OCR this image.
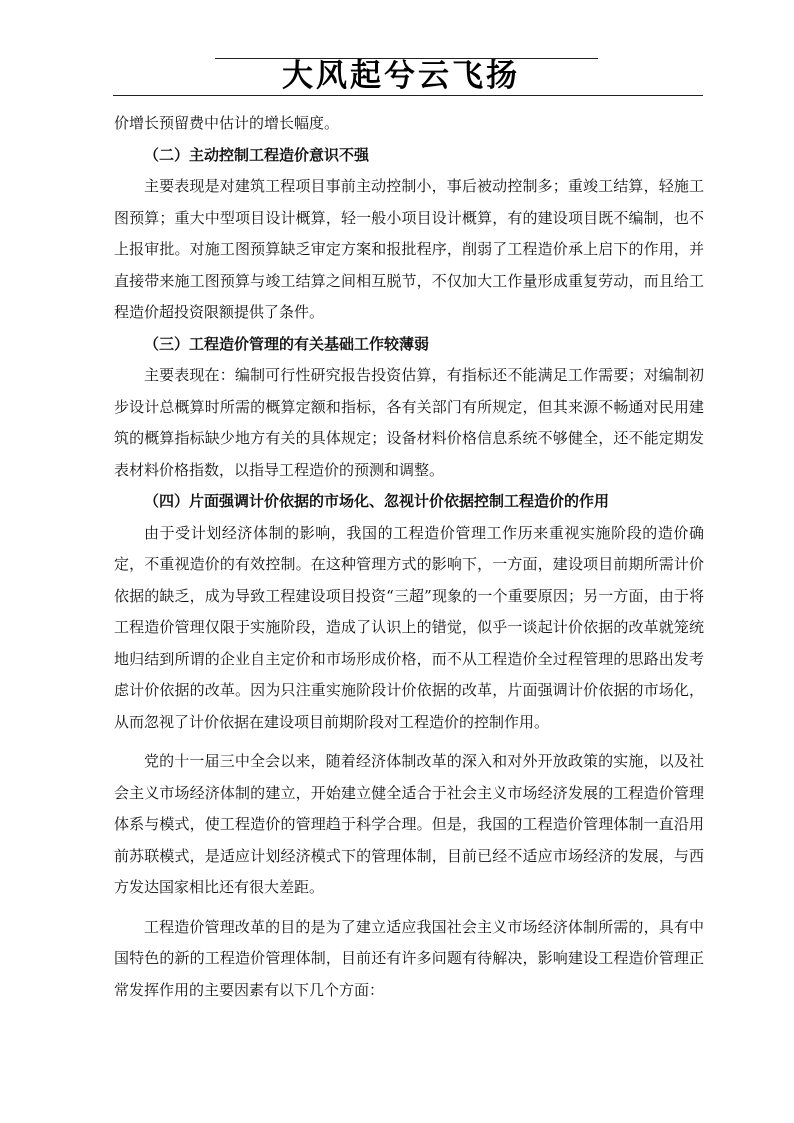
大风起兮云飞扬

价增长预留费中估计的增长幅度。

（二）主动控制工程造价意识不强

主要表现是对建筑工程项目事前主动控制小，事后被动控制多；重竣工结算，轻施工图预算；重大中型项目设计概算，轻一般小项目设计概算，有的建设项目既不编制，也不上报审批。对施工图预算缺乏审定方案和报批程序，削弱了工程造价承上启下的作用，并直接带来施工图预算与竣工结算之间相互脱节，不仅加大工作量形成重复劳动，而且给工程造价超投资限额提供了条件。

（三）工程造价管理的有关基础工作较薄弱

主要表现在：编制可行性研究报告投资估算，有指标还不能满足工作需要；对编制初步设计总概算时所需的概算定额和指标，各有关部门有所规定，但其来源不畅通对民用建筑的概算指标缺少地方有关的具体规定；设备材料价格信息系统不够健全，还不能定期发表材料价格指数，以指导工程造价的预测和调整。

（四）片面强调计价依据的市场化、忽视计价依据控制工程造价的作用

由于受计划经济体制的影响，我国的工程造价管理工作历来重视实施阶段的造价确定，不重视造价的有效控制。在这种管理方式的影响下，一方面，建设项目前期所需计价依据的缺乏，成为导致工程建设项目投资“三超”现象的一个重要原因；另一方面，由于将工程造价管理仅限于实施阶段，造成了认识上的错觉，似乎一谈起计价依据的改革就笼统地归结到所谓的企业自主定价和市场形成价格，而不从工程造价全过程管理的思路出发考虑计价依据的改革。因为只注重实施阶段计价依据的改革，片面强调计价依据的市场化，从而忽视了计价依据在建设项目前期阶段对工程造价的控制作用。

党的十一届三中全会以来，随着经济体制改革的深入和对外开放政策的实施，以及社会主义市场经济体制的建立，开始建立健全适合于社会主义市场经济发展的工程造价管理体系与模式，使工程造价的管理趋于科学合理。但是，我国的工程造价管理体制一直沿用前苏联模式，是适应计划经济模式下的管理体制，目前已经不适应市场经济的发展，与西方发达国家相比还有很大差距。

工程造价管理改革的目的是为了建立适应我国社会主义市场经济体制所需的，具有中国特色的新的工程造价管理体制，目前还有许多问题有待解决，影响建设工程造价管理正常发挥作用的主要因素有以下几个方面：
